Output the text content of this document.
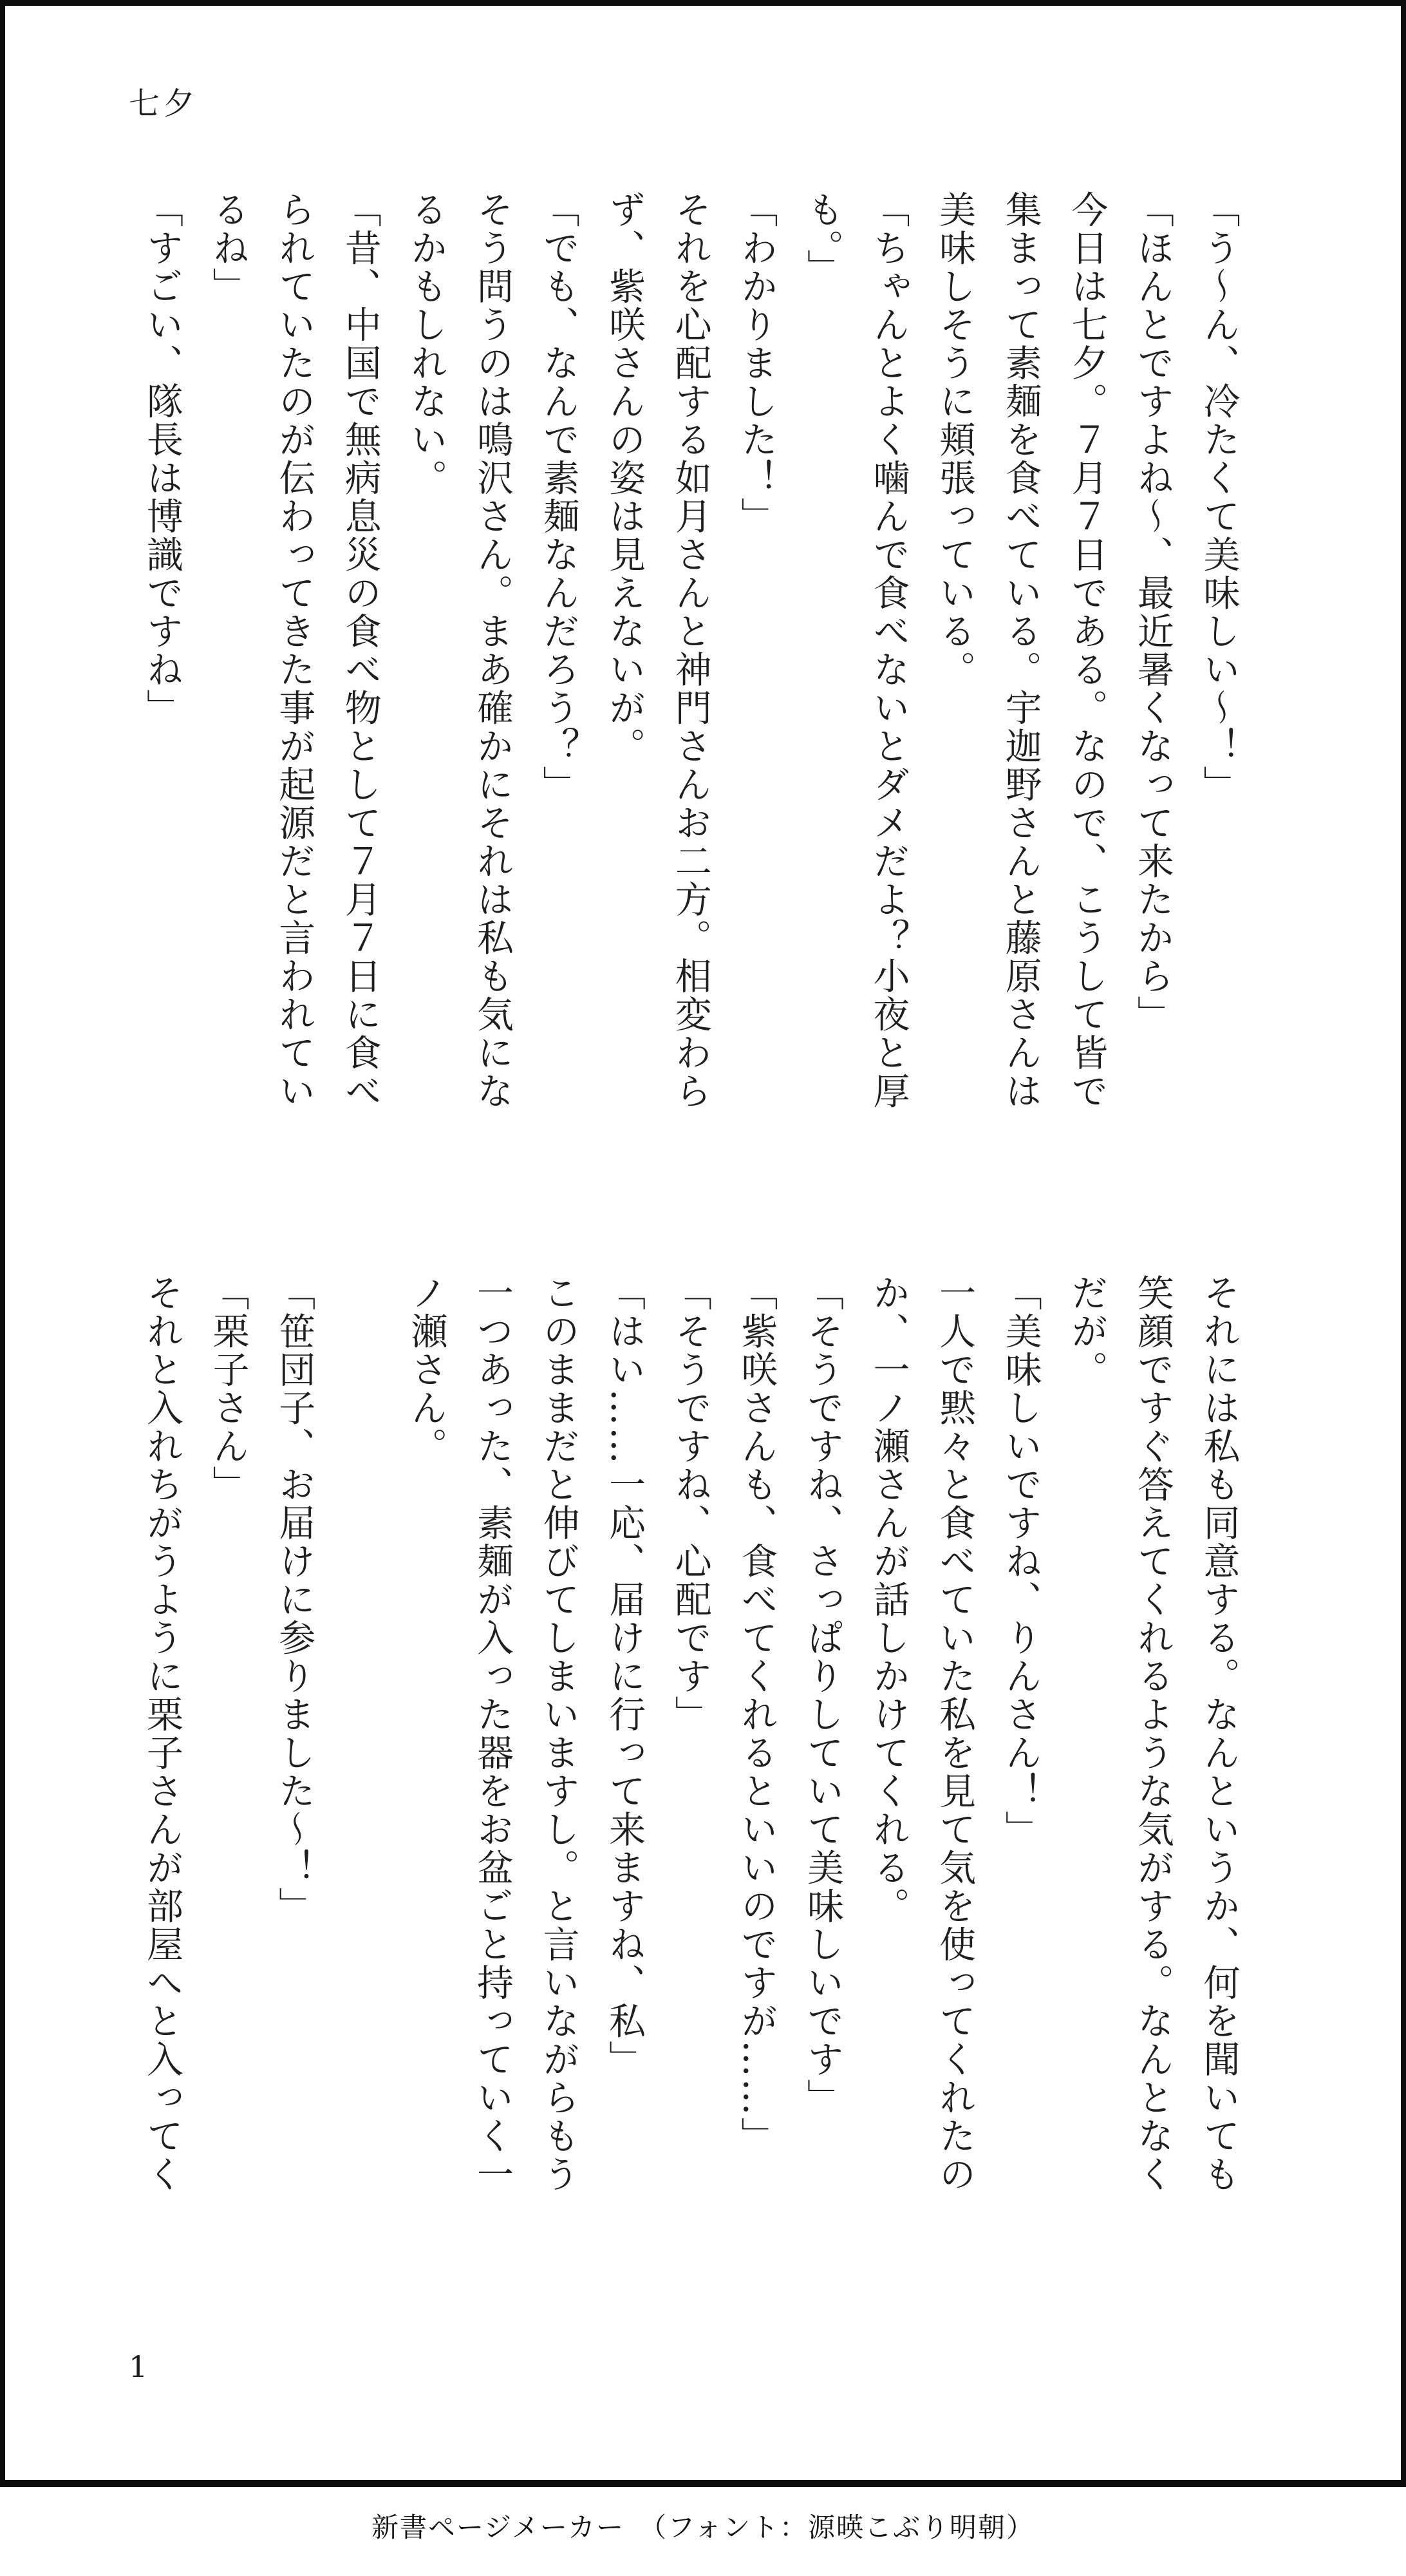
七夕

「う〜ん、冷たくて美味しい〜！」

「ほんとですよね〜、最近暑くなって来たから」

今日は七夕。７月７日である。なので、こうして皆で

集まって素麺を食べている。宇迦野さんと藤原さんは

美味しそうに頬張っている。

「ちゃんとよく噛んで食べないとダメだよ？小夜と厚

も。」

「わかりました！」

それを心配する如月さんと神門さんお二方。相変わら

ず、紫咲さんの姿は見えないが。

「でも、なんで素麺なんだろう？」

そう問うのは鳴沢さん。まあ確かにそれは私も気にな

るかもしれない。

「昔、中国で無病息災の食べ物として７月７日に食べ

られていたのが伝わってきた事が起源だと言われてい

るね」

「すごい、隊長は博識ですね」

それには私も同意する。なんというか、何を聞いても

笑顔ですぐ答えてくれるような気がする。なんとなく

だが。

「美味しいですね、りんさん！」

一人で黙々と食べていた私を見て気を使ってくれたの

か、一ノ瀬さんが話しかけてくれる。

「そうですね、さっぱりしていて美味しいです」

「紫咲さんも、食べてくれるといいのですが……」

「そうですね、心配です」

「はい……一応、届けに行って来ますね、私」

このままだと伸びてしまいますし。と言いながらもう

一つあった、素麺が入った器をお盆ごと持っていく一

ノ瀬さん。

「笹団子、お届けに参りました〜！」

「栗子さん」

それと入れちがうように栗子さんが部屋へと入ってく

1
新書ページメーカー　（フォント：源暎こぶり明朝）
